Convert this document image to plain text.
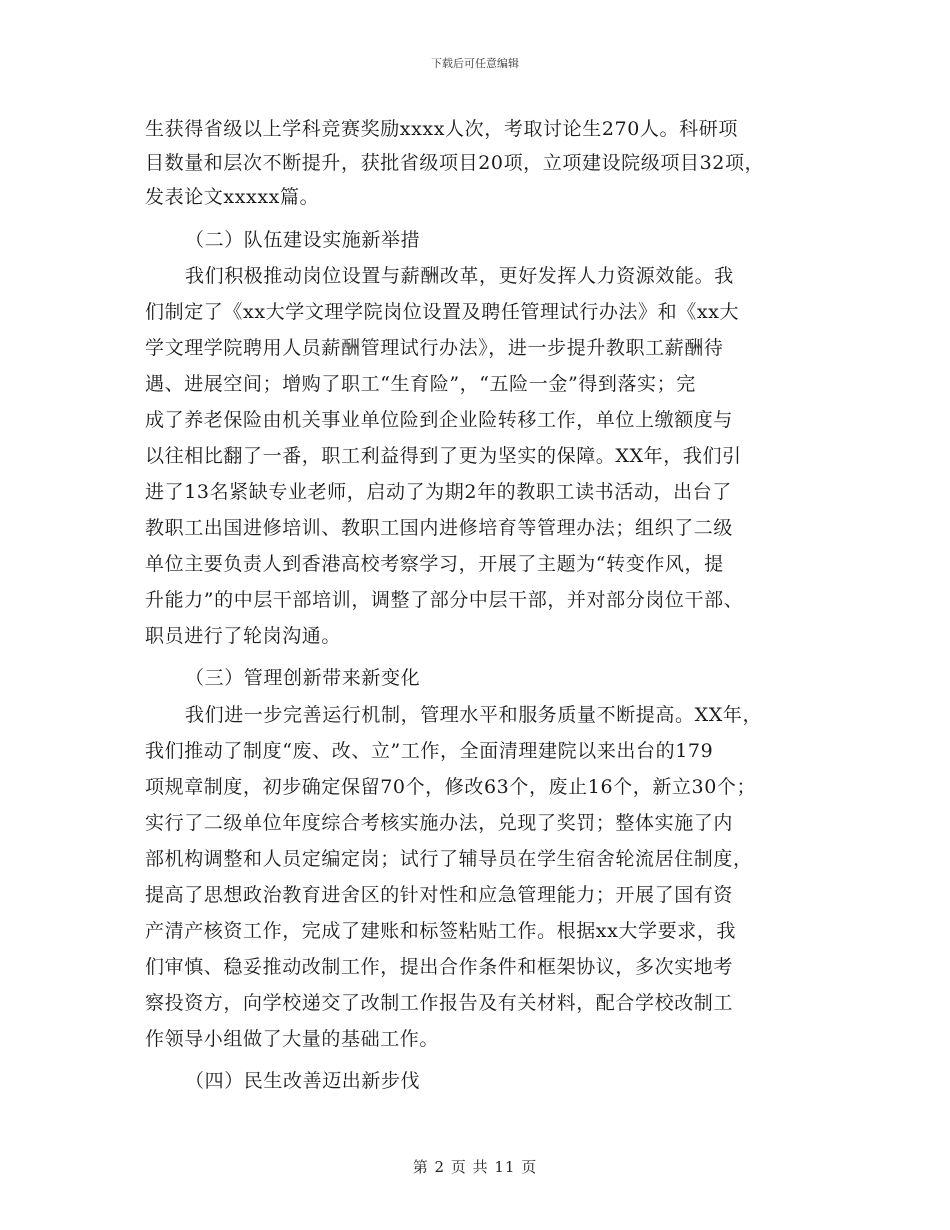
下载后可任意编辑
生获得省级以上学科竞赛奖励xxxx人次，考取讨论生270人。科研项
目数量和层次不断提升，获批省级项目20项，立项建设院级项目32项，
发表论文xxxxx篇。
（二）队伍建设实施新举措
我们积极推动岗位设置与薪酬改革，更好发挥人力资源效能。我
们制定了《xx大学文理学院岗位设置及聘任管理试行办法》和《xx大
学文理学院聘用人员薪酬管理试行办法》，进一步提升教职工薪酬待
遇、进展空间；增购了职工“生育险”，“五险一金”得到落实；完
成了养老保险由机关事业单位险到企业险转移工作，单位上缴额度与
以往相比翻了一番，职工利益得到了更为坚实的保障。XX年，我们引
进了13名紧缺专业老师，启动了为期2年的教职工读书活动，出台了
教职工出国进修培训、教职工国内进修培育等管理办法；组织了二级
单位主要负责人到香港高校考察学习，开展了主题为“转变作风，提
升能力”的中层干部培训，调整了部分中层干部，并对部分岗位干部、
职员进行了轮岗沟通。
（三）管理创新带来新变化
我们进一步完善运行机制，管理水平和服务质量不断提高。XX年，
我们推动了制度“废、改、立”工作，全面清理建院以来出台的179
项规章制度，初步确定保留70个，修改63个，废止16个，新立30个；
实行了二级单位年度综合考核实施办法，兑现了奖罚；整体实施了内
部机构调整和人员定编定岗；试行了辅导员在学生宿舍轮流居住制度，
提高了思想政治教育进舍区的针对性和应急管理能力；开展了国有资
产清产核资工作，完成了建账和标签粘贴工作。根据xx大学要求，我
们审慎、稳妥推动改制工作，提出合作条件和框架协议，多次实地考
察投资方，向学校递交了改制工作报告及有关材料，配合学校改制工
作领导小组做了大量的基础工作。
（四）民生改善迈出新步伐
第 2 页 共 11 页
